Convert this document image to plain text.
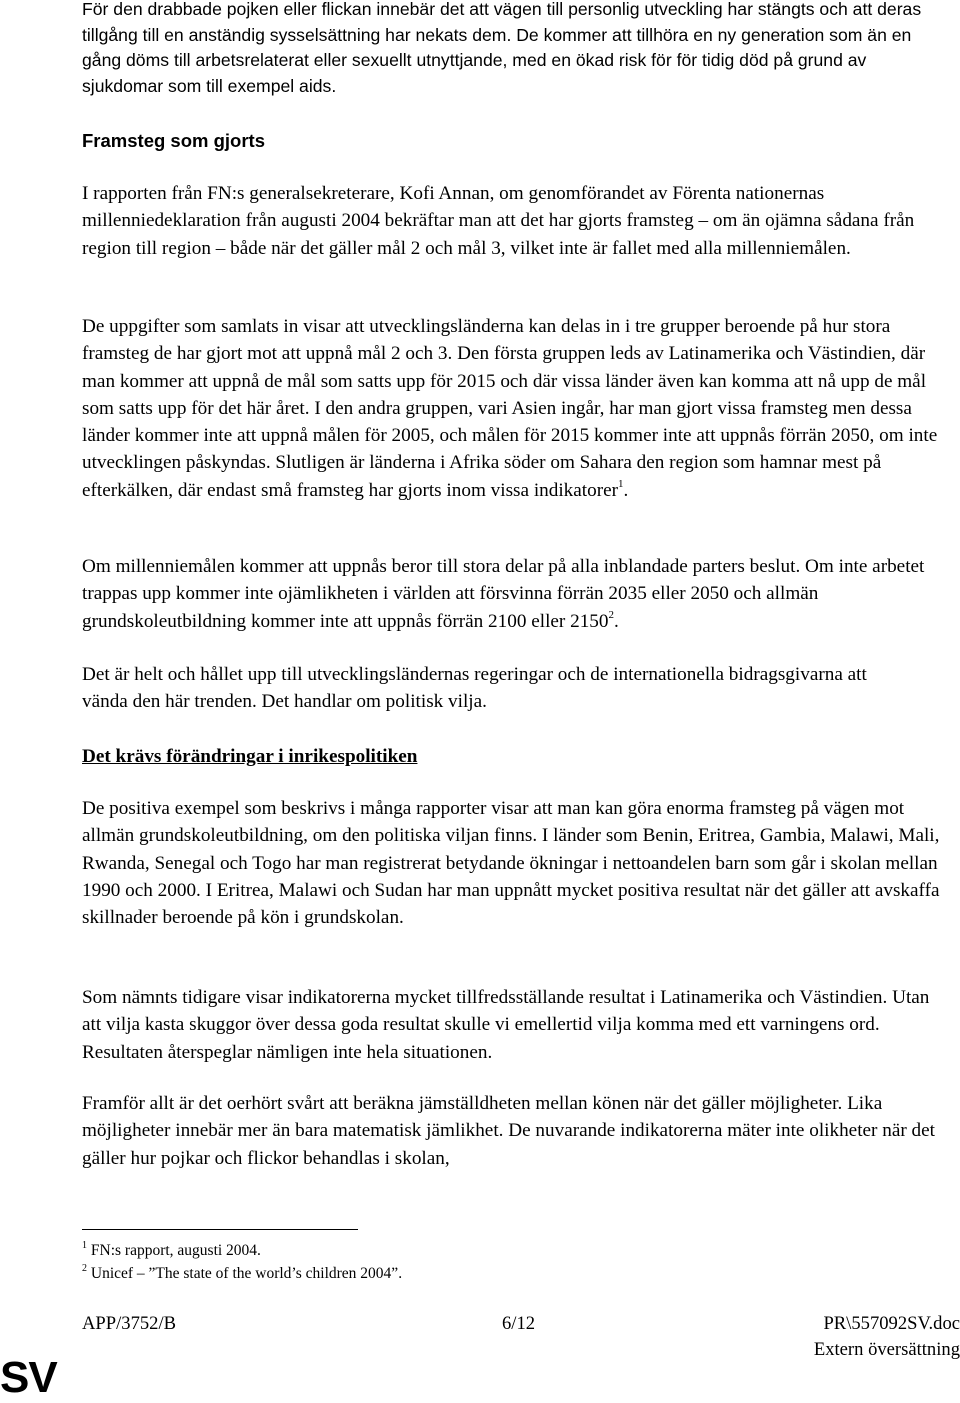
För den drabbade pojken eller flickan innebär det att vägen till personlig utveckling har stängts och att deras tillgång till en anständig sysselsättning har nekats dem. De kommer att tillhöra en ny generation som än en gång döms till arbetsrelaterat eller sexuellt utnyttjande, med en ökad risk för för tidig död på grund av sjukdomar som till exempel aids.

Framsteg som gjorts

I rapporten från FN:s generalsekreterare, Kofi Annan, om genomförandet av Förenta nationernas millenniedeklaration från augusti 2004 bekräftar man att det har gjorts framsteg – om än ojämna sådana från region till region – både när det gäller mål 2 och mål 3, vilket inte är fallet med alla millenniemålen.

De uppgifter som samlats in visar att utvecklingsländerna kan delas in i tre grupper beroende på hur stora framsteg de har gjort mot att uppnå mål 2 och 3. Den första gruppen leds av Latinamerika och Västindien, där man kommer att uppnå de mål som satts upp för 2015 och där vissa länder även kan komma att nå upp de mål som satts upp för det här året. I den andra gruppen, vari Asien ingår, har man gjort vissa framsteg men dessa länder kommer inte att uppnå målen för 2005, och målen för 2015 kommer inte att uppnås förrän 2050, om inte utvecklingen påskyndas. Slutligen är länderna i Afrika söder om Sahara den region som hamnar mest på efterkälken, där endast små framsteg har gjorts inom vissa indikatorer$^1$.

Om millenniemålen kommer att uppnås beror till stora delar på alla inblandade parters beslut. Om inte arbetet trappas upp kommer inte ojämlikheten i världen att försvinna förrän 2035 eller 2050 och allmän grundskoleutbildning kommer inte att uppnås förrän 2100 eller 2150$^2$.

Det är helt och hållet upp till utvecklingsländernas regeringar och de internationella bidragsgivarna att vända den här trenden. Det handlar om politisk vilja.

Det krävs förändringar i inrikespolitiken

De positiva exempel som beskrivs i många rapporter visar att man kan göra enorma framsteg på vägen mot allmän grundskoleutbildning, om den politiska viljan finns. I länder som Benin, Eritrea, Gambia, Malawi, Mali, Rwanda, Senegal och Togo har man registrerat betydande ökningar i nettoandelen barn som går i skolan mellan 1990 och 2000. I Eritrea, Malawi och Sudan har man uppnått mycket positiva resultat när det gäller att avskaffa skillnader beroende på kön i grundskolan.

Som nämnts tidigare visar indikatorerna mycket tillfredsställande resultat i Latinamerika och Västindien. Utan att vilja kasta skuggor över dessa goda resultat skulle vi emellertid vilja komma med ett varningens ord. Resultaten återspeglar nämligen inte hela situationen.

Framför allt är det oerhört svårt att beräkna jämställdheten mellan könen när det gäller möjligheter. Lika möjligheter innebär mer än bara matematisk jämlikhet. De nuvarande indikatorerna mäter inte olikheter när det gäller hur pojkar och flickor behandlas i skolan,

$^1$ FN:s rapport, augusti 2004.
$^2$ Unicef – ”The state of the world’s children 2004”.
APP/3752/B	6/12	PR\557092SV.doc
Extern översättning
SV
